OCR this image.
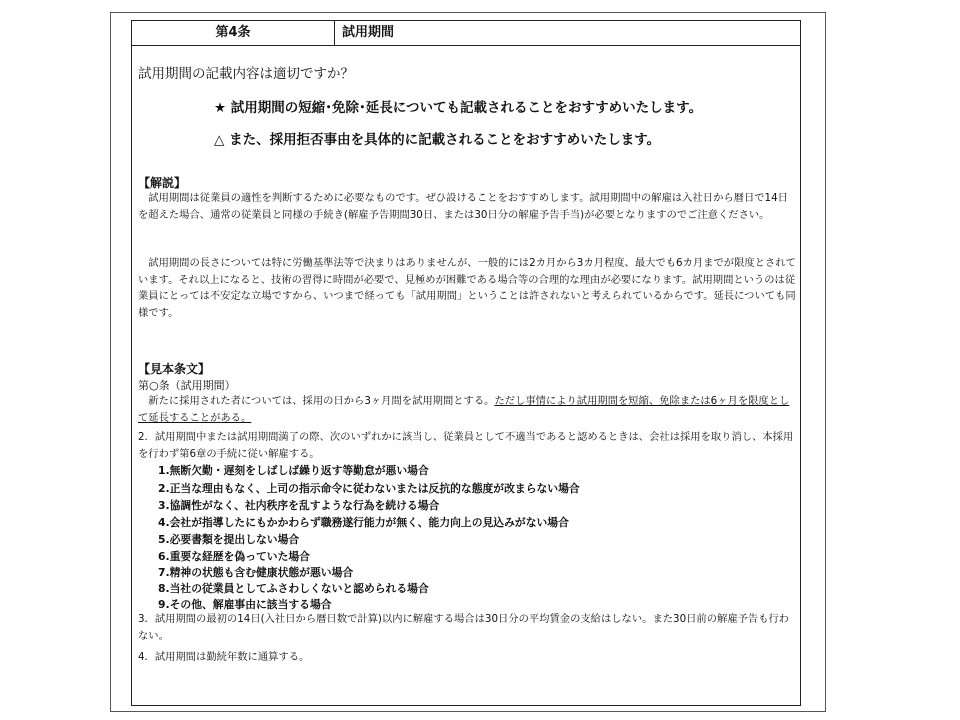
第4条	試用期間
試用期間の記載内容は適切ですか？
★ 試用期間の短縮･免除･延長についても記載されることをおすすめいたします。
△ また、採用拒否事由を具体的に記載されることをおすすめいたします。
【解説】
試用期間は従業員の適性を判断するために必要なものです。ぜひ設けることをおすすめします。試用期間中の解雇は入社日から暦日で14日を超えた場合、通常の従業員と同様の手続き(解雇予告期間30日、または30日分の解雇予告手当)が必要となりますのでご注意ください。
試用期間の長さについては特に労働基準法等で決まりはありませんが、一般的には2カ月から3カ月程度、最大でも6カ月までが限度とされています。それ以上になると、技術の習得に時間が必要で、見極めが困難である場合等の合理的な理由が必要になります。試用期間というのは従業員にとっては不安定な立場ですから、いつまで経っても「試用期間」ということは許されないと考えられているからです。延長についても同様です。
【見本条文】
第○条（試用期間）
新たに採用された者については、採用の日から3ヶ月間を試用期間とする。ただし事情により試用期間を短縮、免除または6ヶ月を限度として延長することがある。
2．試用期間中または試用期間満了の際、次のいずれかに該当し、従業員として不適当であると認めるときは、会社は採用を取り消し、本採用を行わず第6章の手続に従い解雇する。
1.無断欠勤・遅刻をしばしば繰り返す等勤怠が悪い場合
2.正当な理由もなく、上司の指示命令に従わないまたは反抗的な態度が改まらない場合
3.協調性がなく、社内秩序を乱すような行為を続ける場合
4.会社が指導したにもかかわらず職務遂行能力が無く、能力向上の見込みがない場合
5.必要書類を提出しない場合
6.重要な経歴を偽っていた場合
7.精神の状態も含む健康状態が悪い場合
8.当社の従業員としてふさわしくないと認められる場合
9.その他、解雇事由に該当する場合
3．試用期間の最初の14日(入社日から暦日数で計算)以内に解雇する場合は30日分の平均賃金の支給はしない。また30日前の解雇予告も行わない。
4．試用期間は勤続年数に通算する。
